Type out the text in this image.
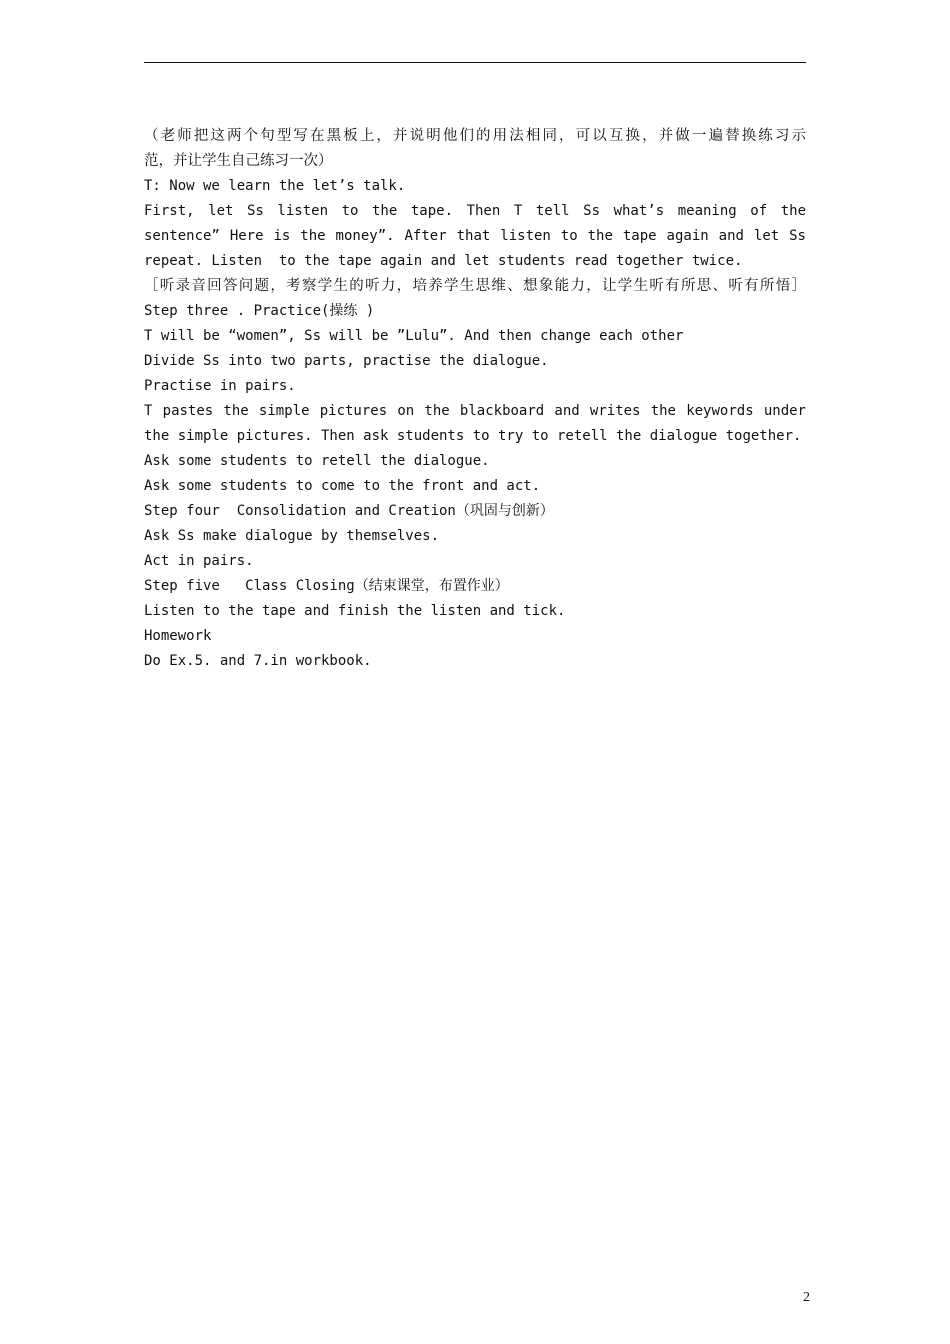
（老师把这两个句型写在黑板上，并说明他们的用法相同，可以互换，并做一遍替换练习示
范，并让学生自己练习一次）
T: Now we learn the let’s talk.
First, let Ss listen to the tape. Then T tell Ss what’s meaning of the
sentence” Here is the money”. After that listen to the tape again and let Ss
repeat. Listen  to the tape again and let students read together twice.
［听录音回答问题，考察学生的听力，培养学生思维、想象能力，让学生听有所思、听有所悟］
Step three . Practice(操练 )
T will be “women”, Ss will be ”Lulu”. And then change each other
Divide Ss into two parts, practise the dialogue.
Practise in pairs.
T pastes the simple pictures on the blackboard and writes the keywords under
the simple pictures. Then ask students to try to retell the dialogue together.
Ask some students to retell the dialogue.
Ask some students to come to the front and act.
Step four  Consolidation and Creation（巩固与创新）
Ask Ss make dialogue by themselves.
Act in pairs.
Step five   Class Closing（结束课堂，布置作业）
Listen to the tape and finish the listen and tick.
Homework
Do Ex.5. and 7.in workbook.
2
